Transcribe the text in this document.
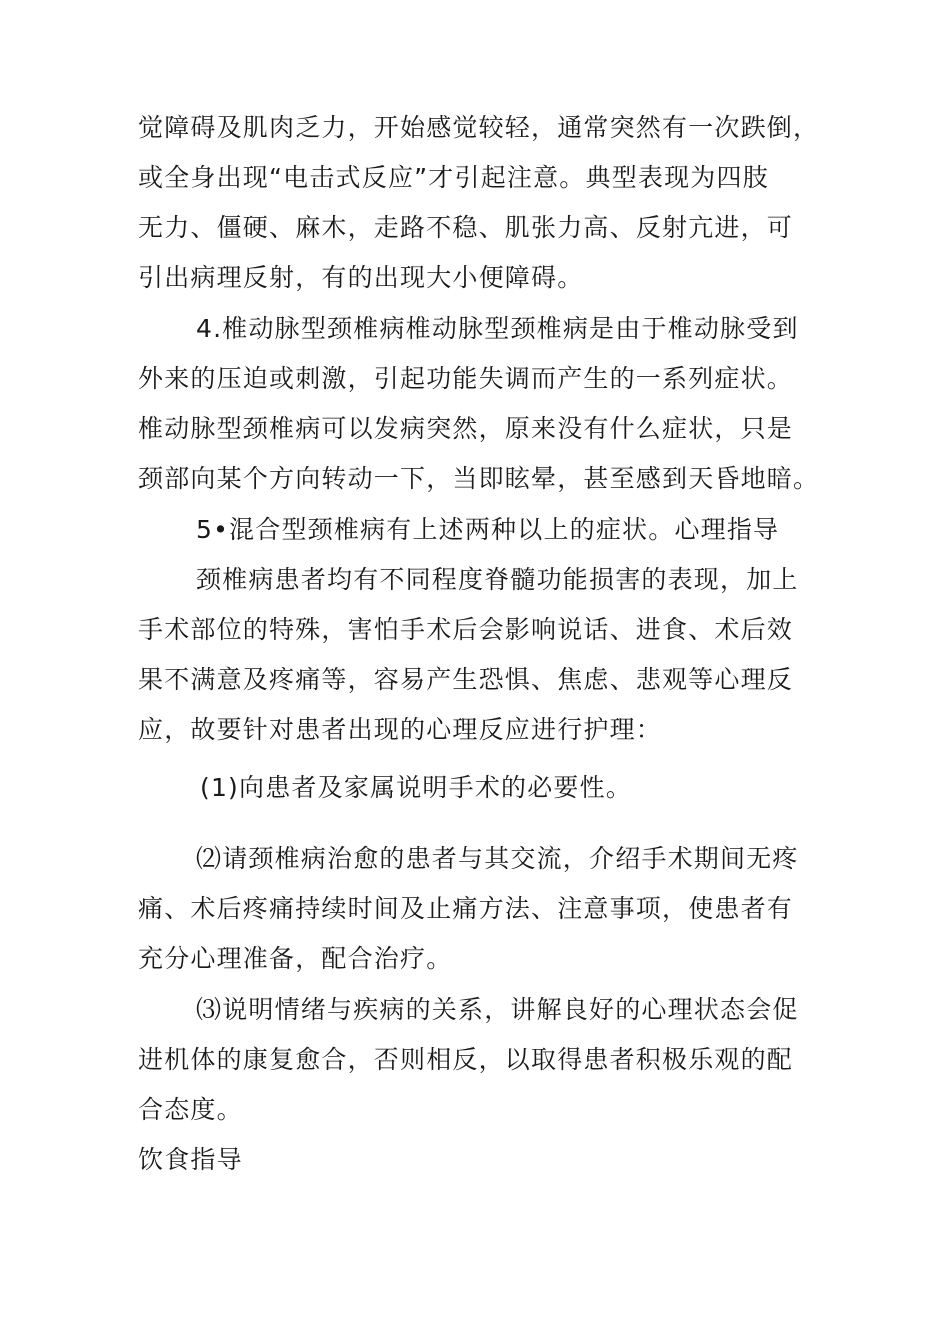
觉障碍及肌肉乏力，开始感觉较轻，通常突然有一次跌倒，
或全身出现“电击式反应”才引起注意。典型表现为四肢
无力、僵硬、麻木，走路不稳、肌张力高、反射亢进，可
引出病理反射，有的出现大小便障碍。
4.椎动脉型颈椎病椎动脉型颈椎病是由于椎动脉受到
外来的压迫或刺激，引起功能失调而产生的一系列症状。
椎动脉型颈椎病可以发病突然，原来没有什么症状，只是
颈部向某个方向转动一下，当即眩晕，甚至感到天昏地暗。
5•混合型颈椎病有上述两种以上的症状。心理指导
颈椎病患者均有不同程度脊髓功能损害的表现，加上
手术部位的特殊，害怕手术后会影响说话、进食、术后效
果不满意及疼痛等，容易产生恐惧、焦虑、悲观等心理反
应，故要针对患者出现的心理反应进行护理：
(1)向患者及家属说明手术的必要性。
⑵请颈椎病治愈的患者与其交流，介绍手术期间无疼
痛、术后疼痛持续时间及止痛方法、注意事项，使患者有
充分心理准备，配合治疗。
⑶说明情绪与疾病的关系，讲解良好的心理状态会促
进机体的康复愈合，否则相反，以取得患者积极乐观的配
合态度。
饮食指导
